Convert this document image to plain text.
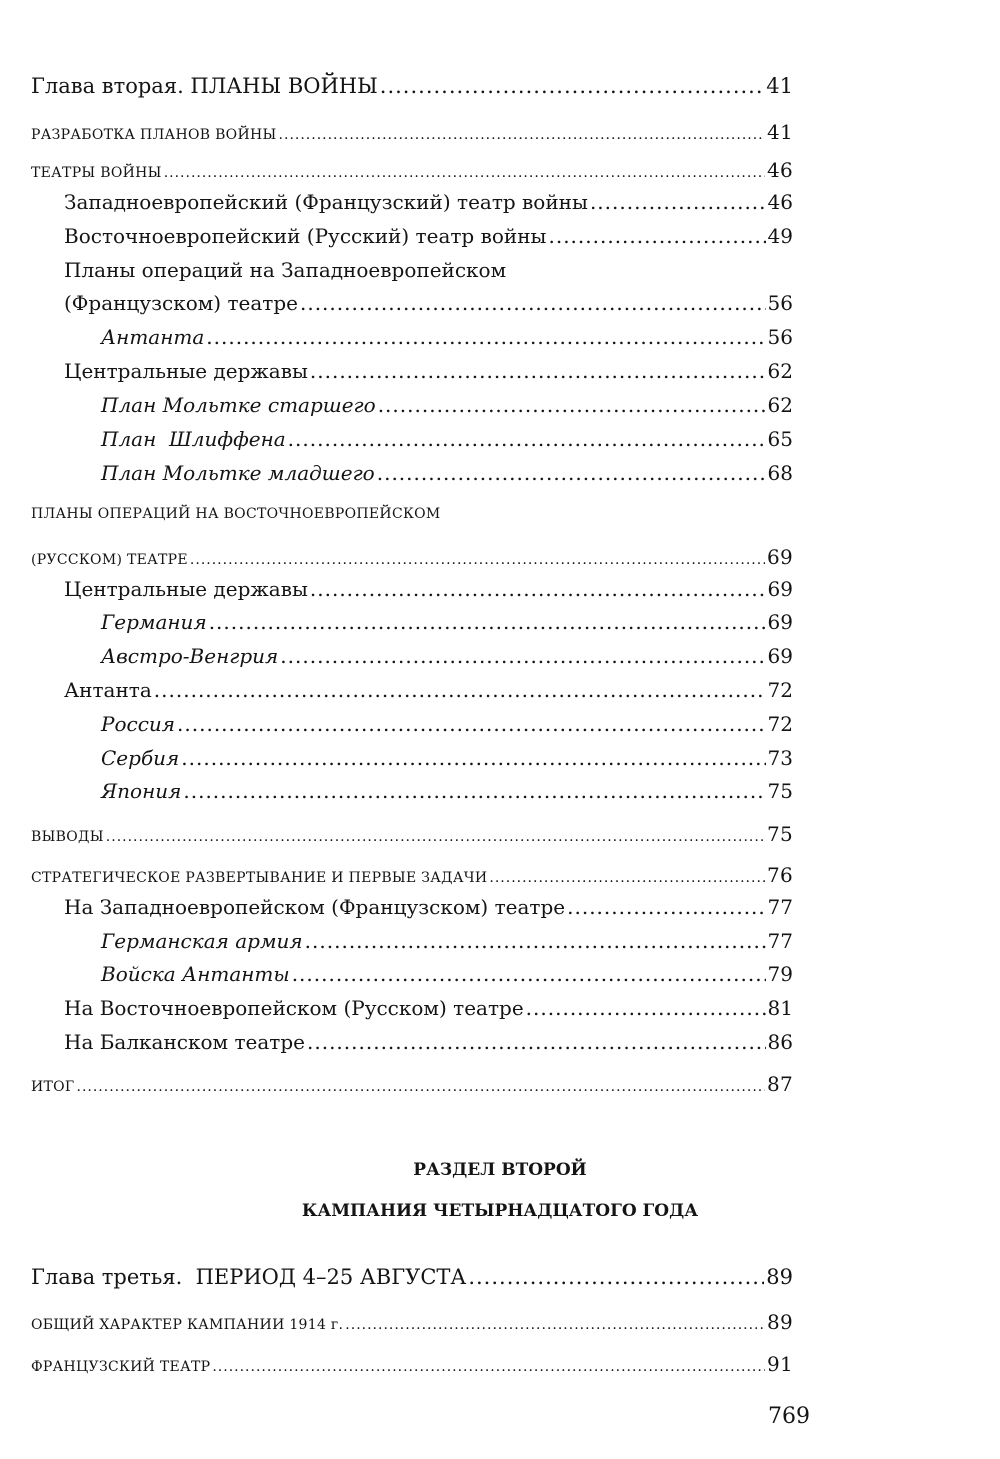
Глава вторая. ПЛАНЫ ВОЙНЫ .....	41
РАЗРАБОТКА ПЛАНОВ ВОЙНЫ .....	41
ТЕАТРЫ ВОЙНЫ .....	46
Западноевропейский (Французский) театр войны .....	46
Восточноевропейский (Русский) театр войны .....	49
Планы операций на Западноевропейском
(Французском) театре .....	56
Антанта .....	56
Центральные державы .....	62
План Мольтке старшего .....	62
План  Шлиффена .....	65
План Мольтке младшего .....	68
ПЛАНЫ ОПЕРАЦИЙ НА ВОСТОЧНОЕВРОПЕЙСКОМ
(РУССКОМ) ТЕАТРЕ .....	69
Центральные державы .....	69
Германия .....	69
Австро-Венгрия .....	69
Антанта .....	72
Россия .....	72
Сербия .....	73
Япония .....	75
ВЫВОДЫ .....	75
СТРАТЕГИЧЕСКОЕ РАЗВЕРТЫВАНИЕ И ПЕРВЫЕ ЗАДАЧИ .....	76
На Западноевропейском (Французском) театре .....	77
Германская армия .....	77
Войска Антанты .....	79
На Восточноевропейском (Русском) театре .....	81
На Балканском театре .....	86
ИТОГ .....	87
РАЗДЕЛ ВТОРОЙ
КАМПАНИЯ ЧЕТЫРНАДЦАТОГО ГОДА
Глава третья.  ПЕРИОД 4–25 АВГУСТА .....	89
ОБЩИЙ ХАРАКТЕР КАМПАНИИ 1914 г. .....	89
ФРАНЦУЗСКИЙ ТЕАТР .....	91
769
